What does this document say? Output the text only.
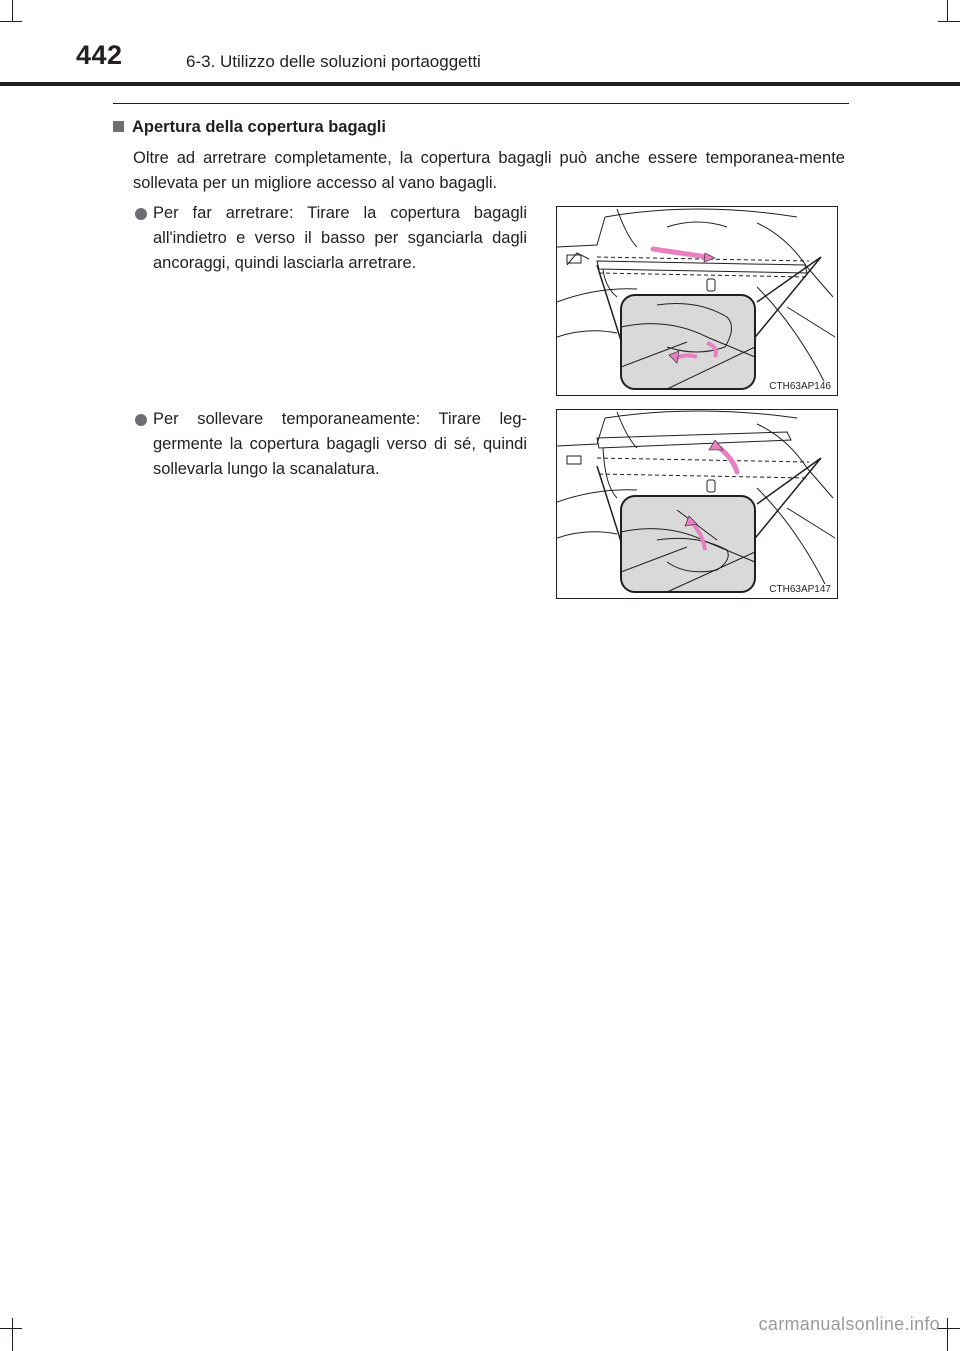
442	6-3. Utilizzo delle soluzioni portaoggetti
Apertura della copertura bagagli
Oltre ad arretrare completamente, la copertura bagagli può anche essere temporanea-mente sollevata per un migliore accesso al vano bagagli.
Per far arretrare: Tirare la copertura bagagli all'indietro e verso il basso per sganciarla dagli ancoraggi, quindi lasciarla arretrare.
CTH63AP146
Per sollevare temporaneamente: Tirare leg-germente la copertura bagagli verso di sé, quindi sollevarla lungo la scanalatura.
CTH63AP147
carmanualsonline.info
